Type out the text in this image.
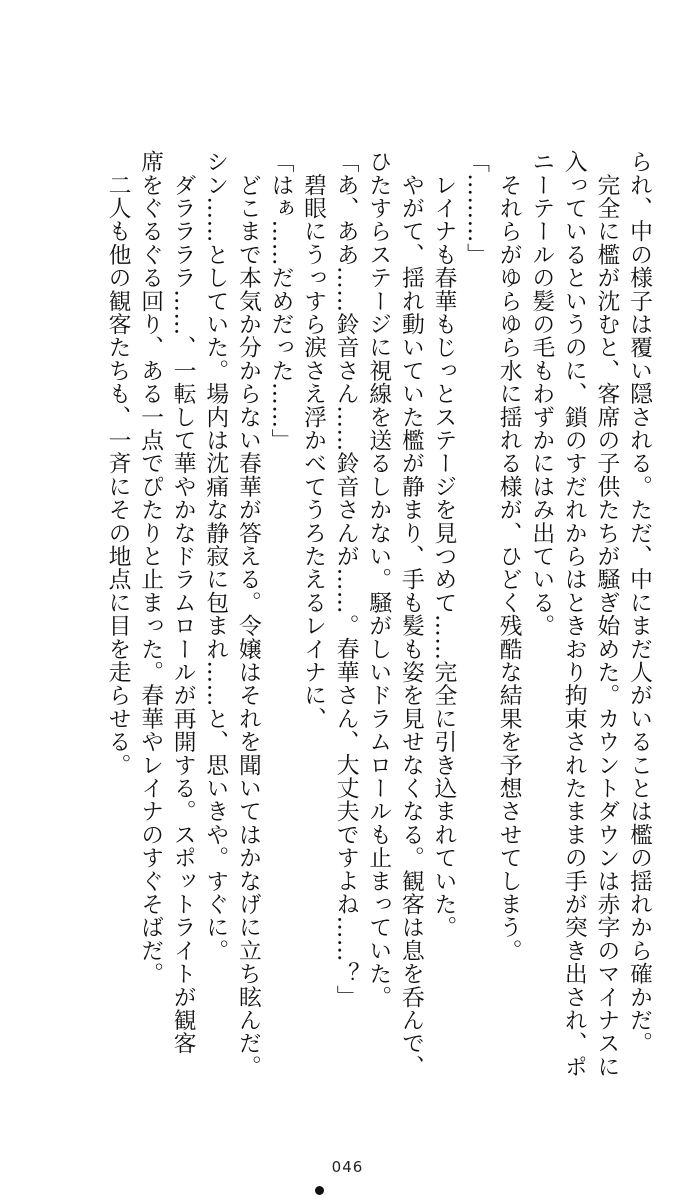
られ、中の様子は覆い隠される。ただ、中にまだ人がいることは檻の揺れから確かだ。
　完全に檻が沈むと、客席の子供たちが騒ぎ始めた。カウントダウンは赤字のマイナスに
入っているというのに、鎖のすだれからはときおり拘束されたままの手が突き出され、ポ
ニーテールの髪の毛もわずかにはみ出ている。
　それらがゆらゆら水に揺れる様が、ひどく残酷な結果を予想させてしまう。
「………」
　レイナも春華もじっとステージを見つめて……完全に引き込まれていた。
　やがて、揺れ動いていた檻が静まり、手も髪も姿を見せなくなる。観客は息を呑んで、
ひたすらステージに視線を送るしかない。騒がしいドラムロールも止まっていた。
「あ、ああ……鈴音さん……鈴音さんが……。春華さん、大丈夫ですよね……？」
　碧眼にうっすら涙さえ浮かべてうろたえるレイナに、
「はぁ……だめだった……」
　どこまで本気か分からない春華が答える。令嬢はそれを聞いてはかなげに立ち眩んだ。
シン……としていた。場内は沈痛な静寂に包まれ……と、思いきや。すぐに。
　ダララララ……、一転して華やかなドラムロールが再開する。スポットライトが観客
席をぐるぐる回り、ある一点でぴたりと止まった。春華やレイナのすぐそばだ。
　二人も他の観客たちも、一斉にその地点に目を走らせる。
046
